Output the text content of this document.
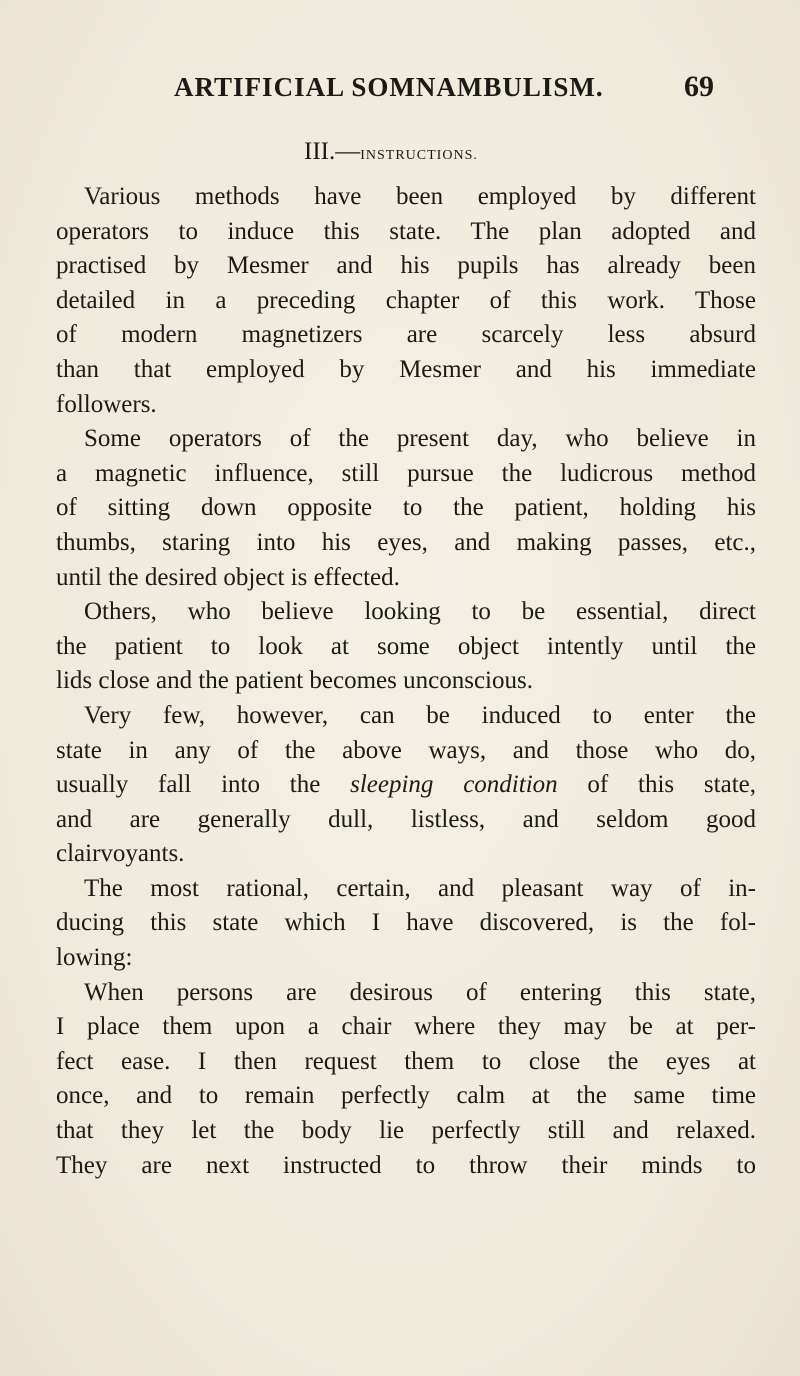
ARTIFICIAL SOMNAMBULISM.	69
III.—INSTRUCTIONS.
Various methods have been employed by different
operators to induce this state. The plan adopted and
practised by Mesmer and his pupils has already been
detailed in a preceding chapter of this work. Those
of modern magnetizers are scarcely less absurd
than that employed by Mesmer and his immediate
followers.
Some operators of the present day, who believe in
a magnetic influence, still pursue the ludicrous method
of sitting down opposite to the patient, holding his
thumbs, staring into his eyes, and making passes, etc.,
until the desired object is effected.
Others, who believe looking to be essential, direct
the patient to look at some object intently until the
lids close and the patient becomes unconscious.
Very few, however, can be induced to enter the
state in any of the above ways, and those who do,
usually fall into the sleeping condition of this state,
and are generally dull, listless, and seldom good
clairvoyants.
The most rational, certain, and pleasant way of in-
ducing this state which I have discovered, is the fol-
lowing:
When persons are desirous of entering this state,
I place them upon a chair where they may be at per-
fect ease. I then request them to close the eyes at
once, and to remain perfectly calm at the same time
that they let the body lie perfectly still and relaxed.
They are next instructed to throw their minds to
